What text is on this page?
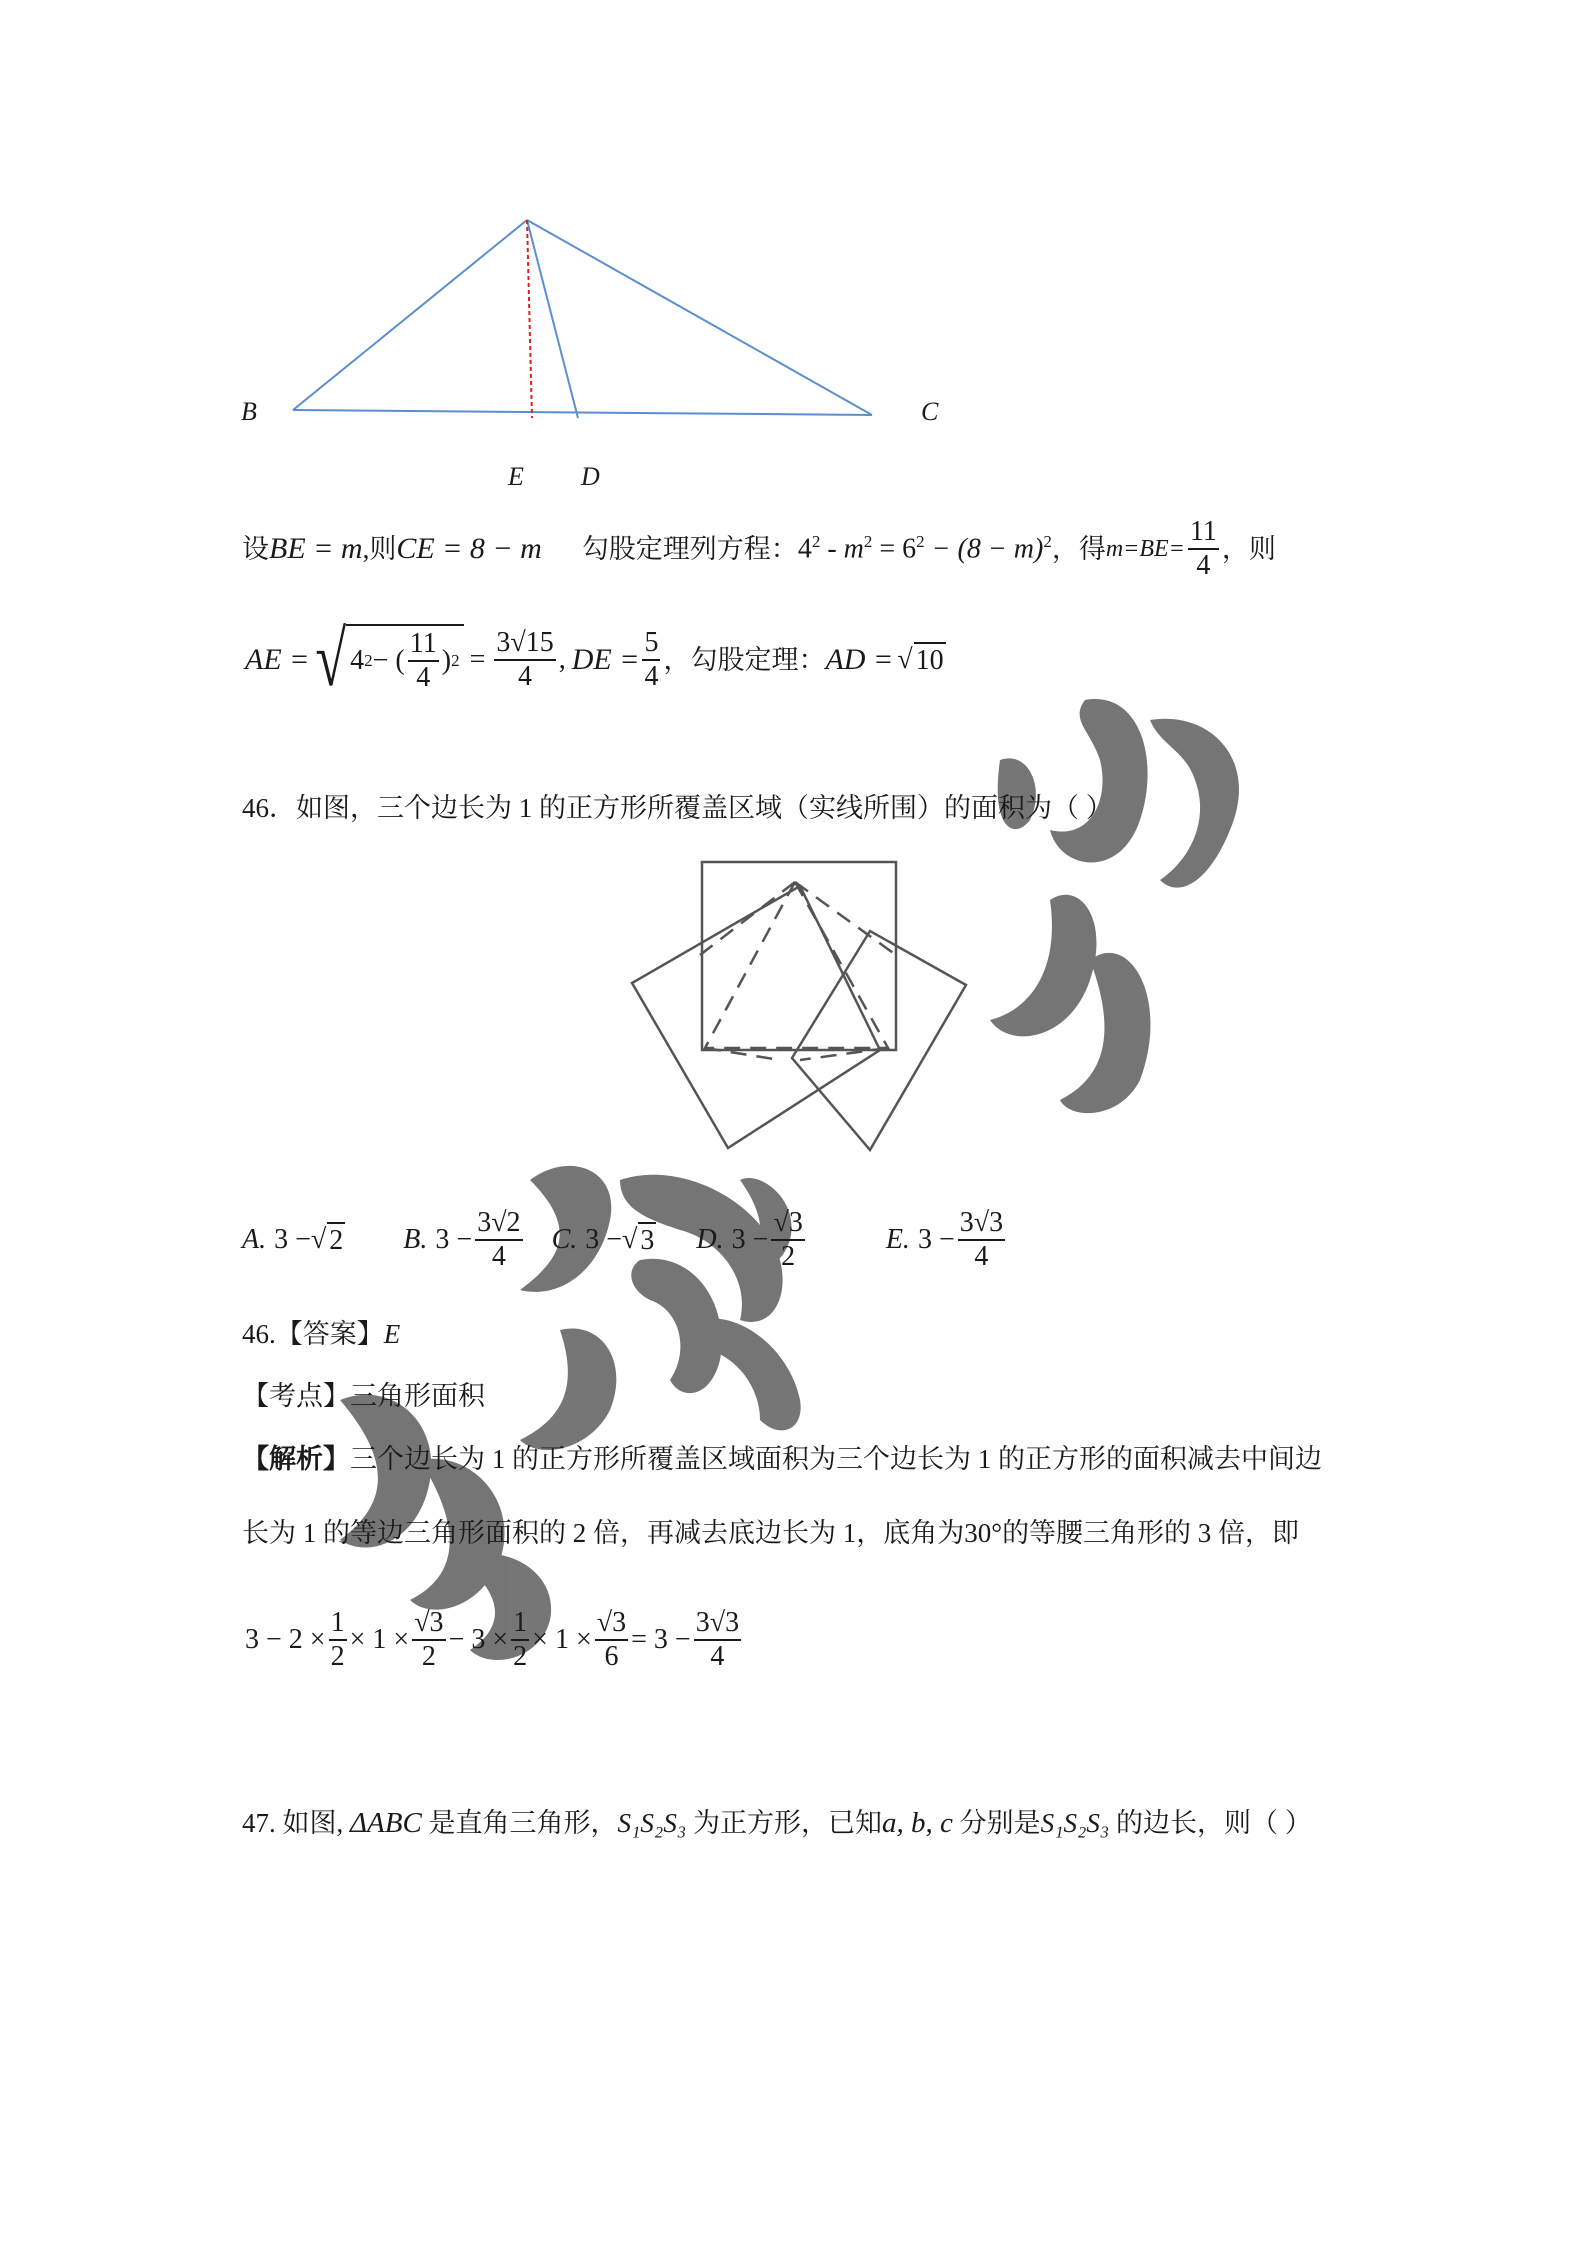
B	C
E D
设 BE = m ,则 CE = 8 − m 勾股定理列方程： $4^2 - m^2 = 6^2 - (8 - m)^2$ ，得 $m=BE= \frac{11}{4}$ ，则
AE = √ 4 2 − ( $\frac{11}{4}$ ) $2 = \frac{3√15}{4}$ , DE = $\frac{5}{4}$ ，勾股定理： AD = √ 10
46．如图，三个边长为 1 的正方形所覆盖区域（实线所围）的面积为（ ）
A. 3 − √ 2 B. $3 - \frac{3√2}{4} C$. 3 − √ 3 D. $3 - \frac{√3}{2}$	E. $3 - \frac{3√3}{4}$
46.【答案】E
【考点】三角形面积
【解析】三个边长为 1 的正方形所覆盖区域面积为三个边长为 1 的正方形的面积减去中间边
长为 1 的等边三角形面积的 2 倍，再减去底边长为 1，底角为30°的等腰三角形的 3 倍，即
$3 - 2 \times \frac{1}{2} \times 1 \times \frac{√3}{2} - 3 \times \frac{1}{2} \times 1 \times \frac{√3}{6} = 3 - \frac{3√3}{4}$
47. 如图, ΔABC 是直角三角形，S₁S₂S₃ 为正方形，已知a, b, c 分别是S₁S₂S₃ 的边长，则（ ）
